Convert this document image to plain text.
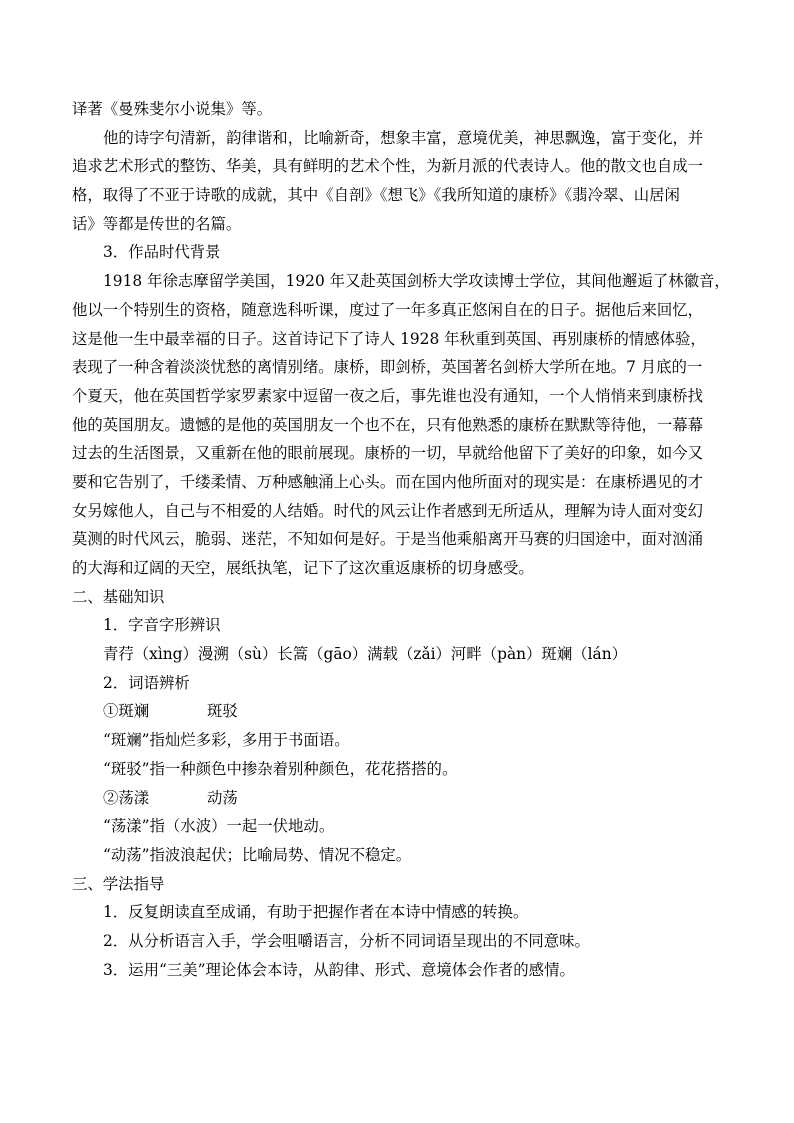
译著《曼殊斐尔小说集》等。
他的诗字句清新，韵律谐和，比喻新奇，想象丰富，意境优美，神思飘逸，富于变化，并
追求艺术形式的整饬、华美，具有鲜明的艺术个性，为新月派的代表诗人。他的散文也自成一
格，取得了不亚于诗歌的成就，其中《自剖》《想飞》《我所知道的康桥》《翡冷翠、山居闲
话》等都是传世的名篇。
3．作品时代背景
1918 年徐志摩留学美国，1920 年又赴英国剑桥大学攻读博士学位，其间他邂逅了林徽音，
他以一个特别生的资格，随意选科听课，度过了一年多真正悠闲自在的日子。据他后来回忆，
这是他一生中最幸福的日子。这首诗记下了诗人 1928 年秋重到英国、再别康桥的情感体验，
表现了一种含着淡淡忧愁的离情别绪。康桥，即剑桥，英国著名剑桥大学所在地。7 月底的一
个夏天，他在英国哲学家罗素家中逗留一夜之后，事先谁也没有通知，一个人悄悄来到康桥找
他的英国朋友。遗憾的是他的英国朋友一个也不在，只有他熟悉的康桥在默默等待他，一幕幕
过去的生活图景，又重新在他的眼前展现。康桥的一切，早就给他留下了美好的印象，如今又
要和它告别了，千缕柔情、万种感触涌上心头。而在国内他所面对的现实是：在康桥遇见的才
女另嫁他人，自己与不相爱的人结婚。时代的风云让作者感到无所适从，理解为诗人面对变幻
莫测的时代风云，脆弱、迷茫，不知如何是好。于是当他乘船离开马赛的归国途中，面对汹涌
的大海和辽阔的天空，展纸执笔，记下了这次重返康桥的切身感受。
二、基础知识
1．字音字形辨识
青荇（xìng）漫溯（sù）长篙（gāo）满载（zǎi）河畔（pàn）斑斓（lán）
2．词语辨析
①斑斓	斑驳
“斑斓”指灿烂多彩，多用于书面语。
“斑驳”指一种颜色中掺杂着别种颜色，花花搭搭的。
②荡漾	动荡
“荡漾”指（水波）一起一伏地动。
“动荡”指波浪起伏；比喻局势、情况不稳定。
三、学法指导
1．反复朗读直至成诵，有助于把握作者在本诗中情感的转换。
2．从分析语言入手，学会咀嚼语言，分析不同词语呈现出的不同意味。
3．运用“三美”理论体会本诗，从韵律、形式、意境体会作者的感情。
